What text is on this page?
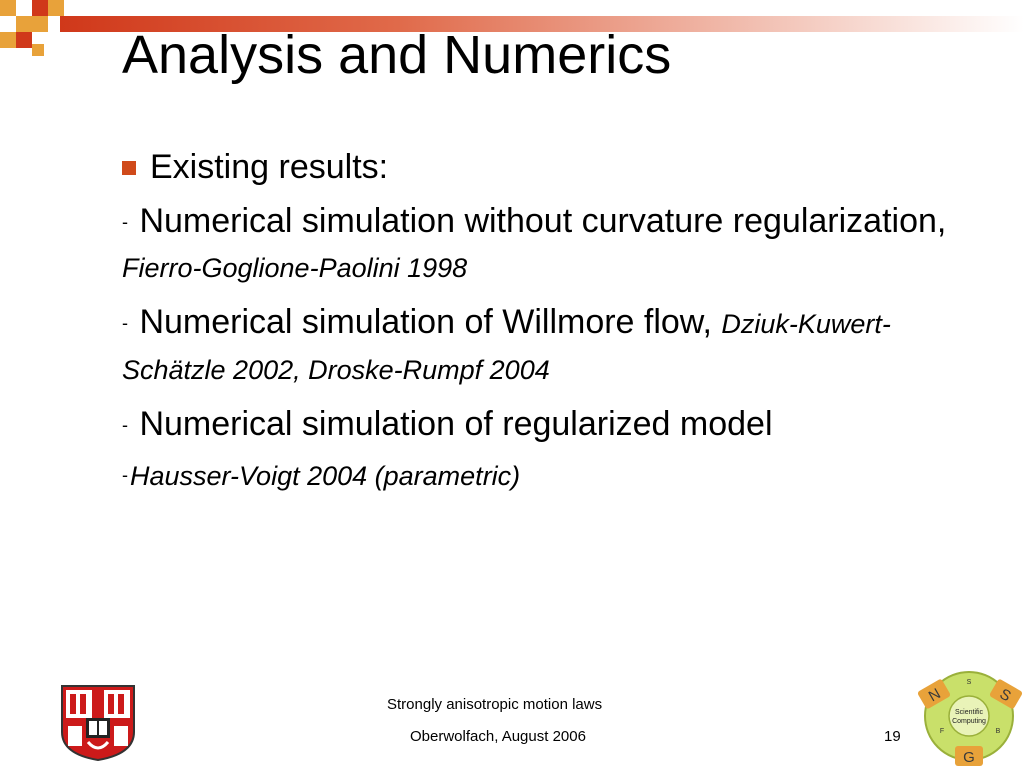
Analysis and Numerics
Existing results:
- Numerical simulation without curvature regularization, Fierro-Goglione-Paolini 1998
- Numerical simulation of Willmore flow, Dziuk-Kuwert-Schätzle 2002, Droske-Rumpf 2004
- Numerical simulation of regularized model
-Hausser-Voigt 2004 (parametric)
Strongly anisotropic motion laws
Oberwolfach, August 2006	19
N	S
G
S
F	B
Scientific
Computing
